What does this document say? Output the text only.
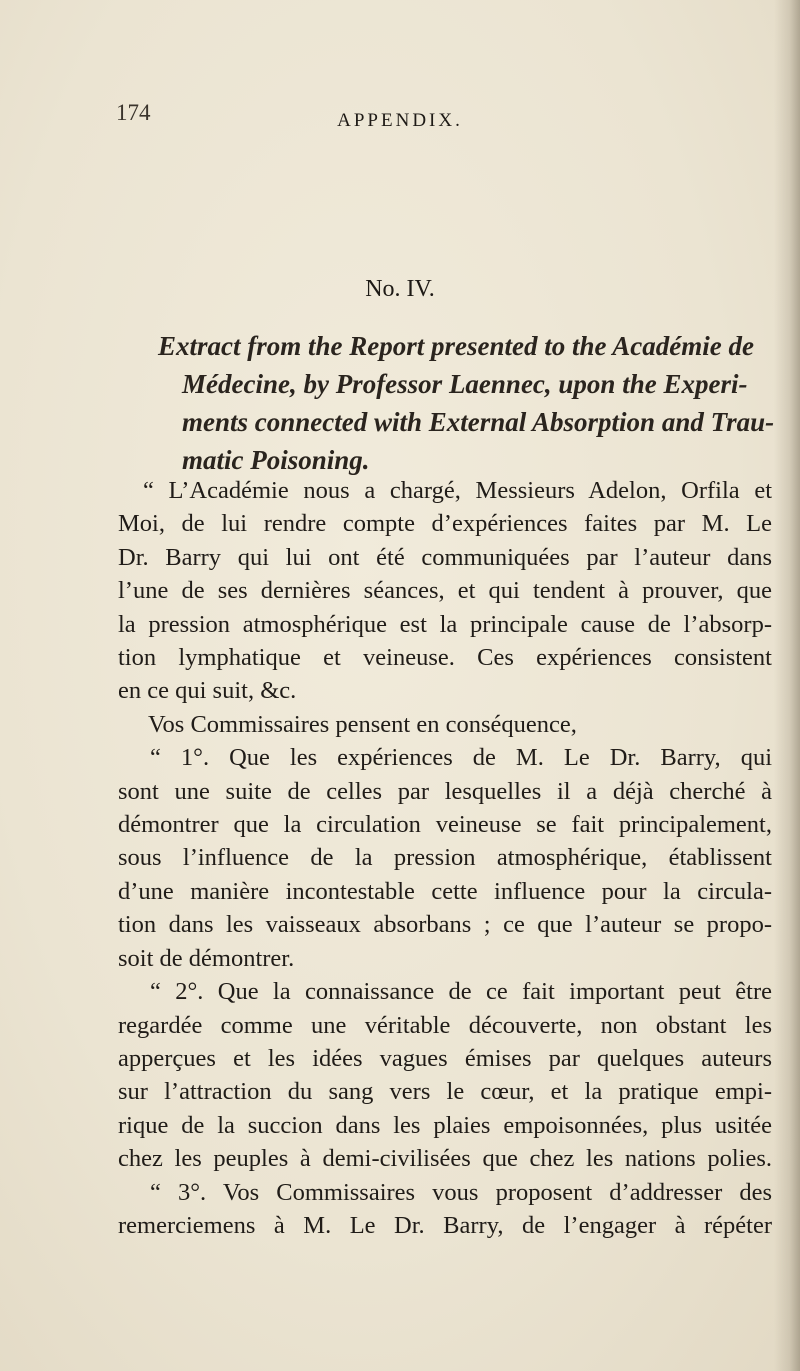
174	APPENDIX.
No. IV.
Extract from the Report presented to the Académie de
Médecine, by Professor Laennec, upon the Experi-
ments connected with External Absorption and Trau-
matic Poisoning.
“ L’Académie nous a chargé, Messieurs Adelon, Orfila et
Moi, de lui rendre compte d’expériences faites par M. Le
Dr. Barry qui lui ont été communiquées par l’auteur dans
l’une de ses dernières séances, et qui tendent à prouver, que
la pression atmosphérique est la principale cause de l’absorp-
tion lymphatique et veineuse. Ces expériences consistent
en ce qui suit, &c.
Vos Commissaires pensent en conséquence,
“ 1°. Que les expériences de M. Le Dr. Barry, qui
sont une suite de celles par lesquelles il a déjà cherché à
démontrer que la circulation veineuse se fait principalement,
sous l’influence de la pression atmosphérique, établissent
d’une manière incontestable cette influence pour la circula-
tion dans les vaisseaux absorbans ; ce que l’auteur se propo-
soit de démontrer.
“ 2°. Que la connaissance de ce fait important peut être
regardée comme une véritable découverte, non obstant les
apperçues et les idées vagues émises par quelques auteurs
sur l’attraction du sang vers le cœur, et la pratique empi-
rique de la succion dans les plaies empoisonnées, plus usitée
chez les peuples à demi-civilisées que chez les nations polies.
“ 3°. Vos Commissaires vous proposent d’addresser des
remerciemens à M. Le Dr. Barry, de l’engager à répéter
